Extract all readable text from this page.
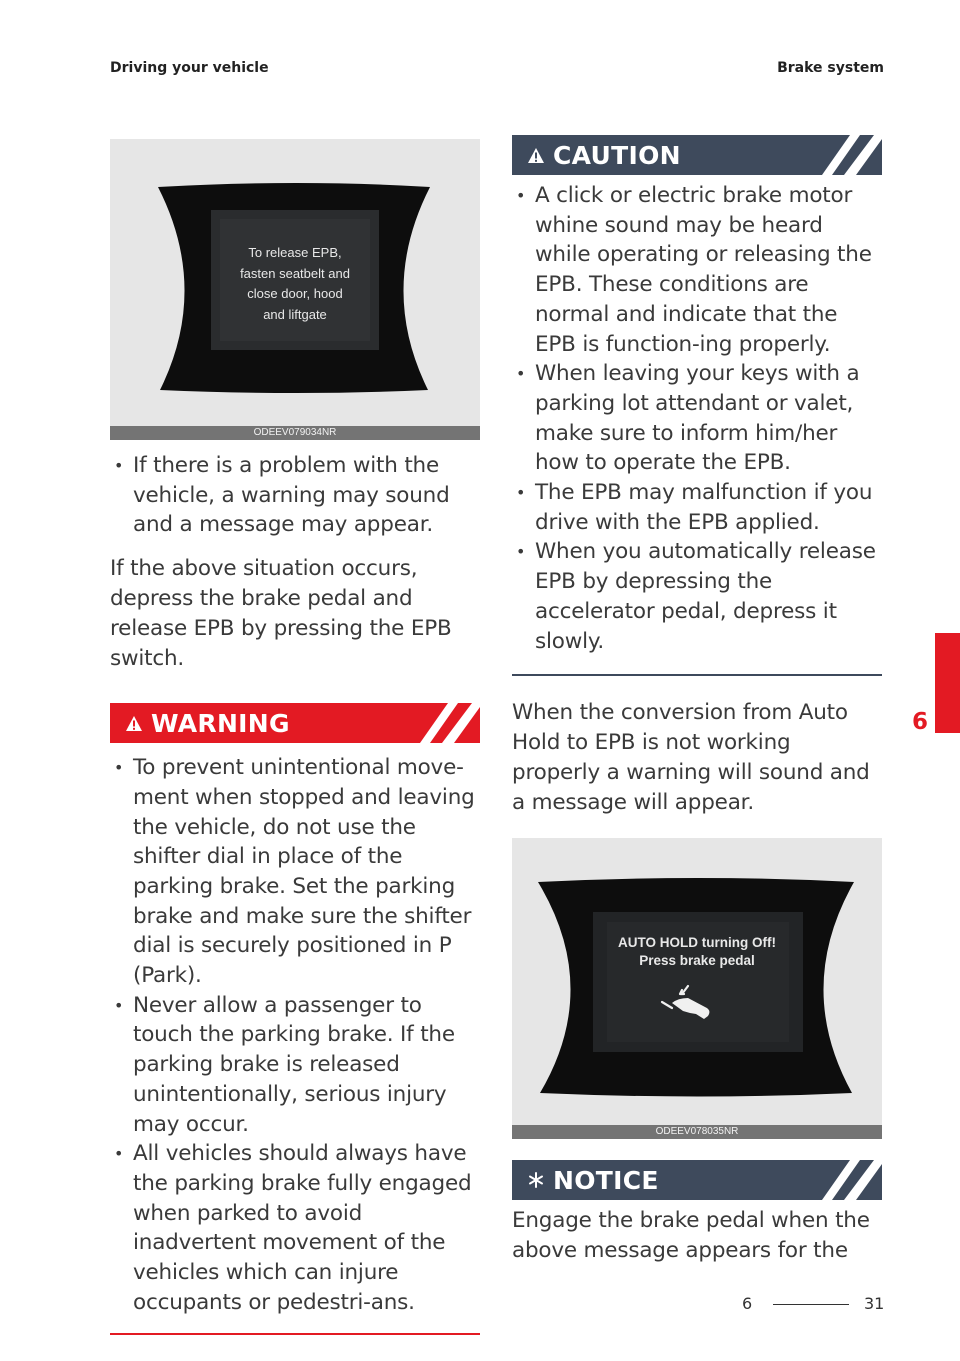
Driving your vehicle	Brake system
To release EPB,
fasten seatbelt and
close door, hood
and liftgate
ODEEV079034NR
• If there is a problem with the vehicle, a warning may sound and a message may appear.

If the above situation occurs, depress the brake pedal and release EPB by pressing the EPB switch.

WARNING
• To prevent unintentional move-ment when stopped and leaving the vehicle, do not use the shifter dial in place of the parking brake. Set the parking brake and make sure the shifter dial is securely positioned in P (Park).
• Never allow a passenger to touch the parking brake. If the parking brake is released unintentionally, serious injury may occur.
• All vehicles should always have the parking brake fully engaged when parked to avoid inadvertent movement of the vehicles which can injure occupants or pedestri-ans.
CAUTION
• A click or electric brake motor whine sound may be heard while operating or releasing the EPB. These conditions are normal and indicate that the EPB is function-ing properly.
• When leaving your keys with a parking lot attendant or valet, make sure to inform him/her how to operate the EPB.
• The EPB may malfunction if you drive with the EPB applied.
• When you automatically release EPB by depressing the accelerator pedal, depress it slowly.

When the conversion from Auto Hold to EPB is not working properly a warning will sound and a message will appear.

AUTO HOLD turning Off!
Press brake pedal
ODEEV078035NR
NOTICE

Engage the brake pedal when the above message appears for the

6
6	31
